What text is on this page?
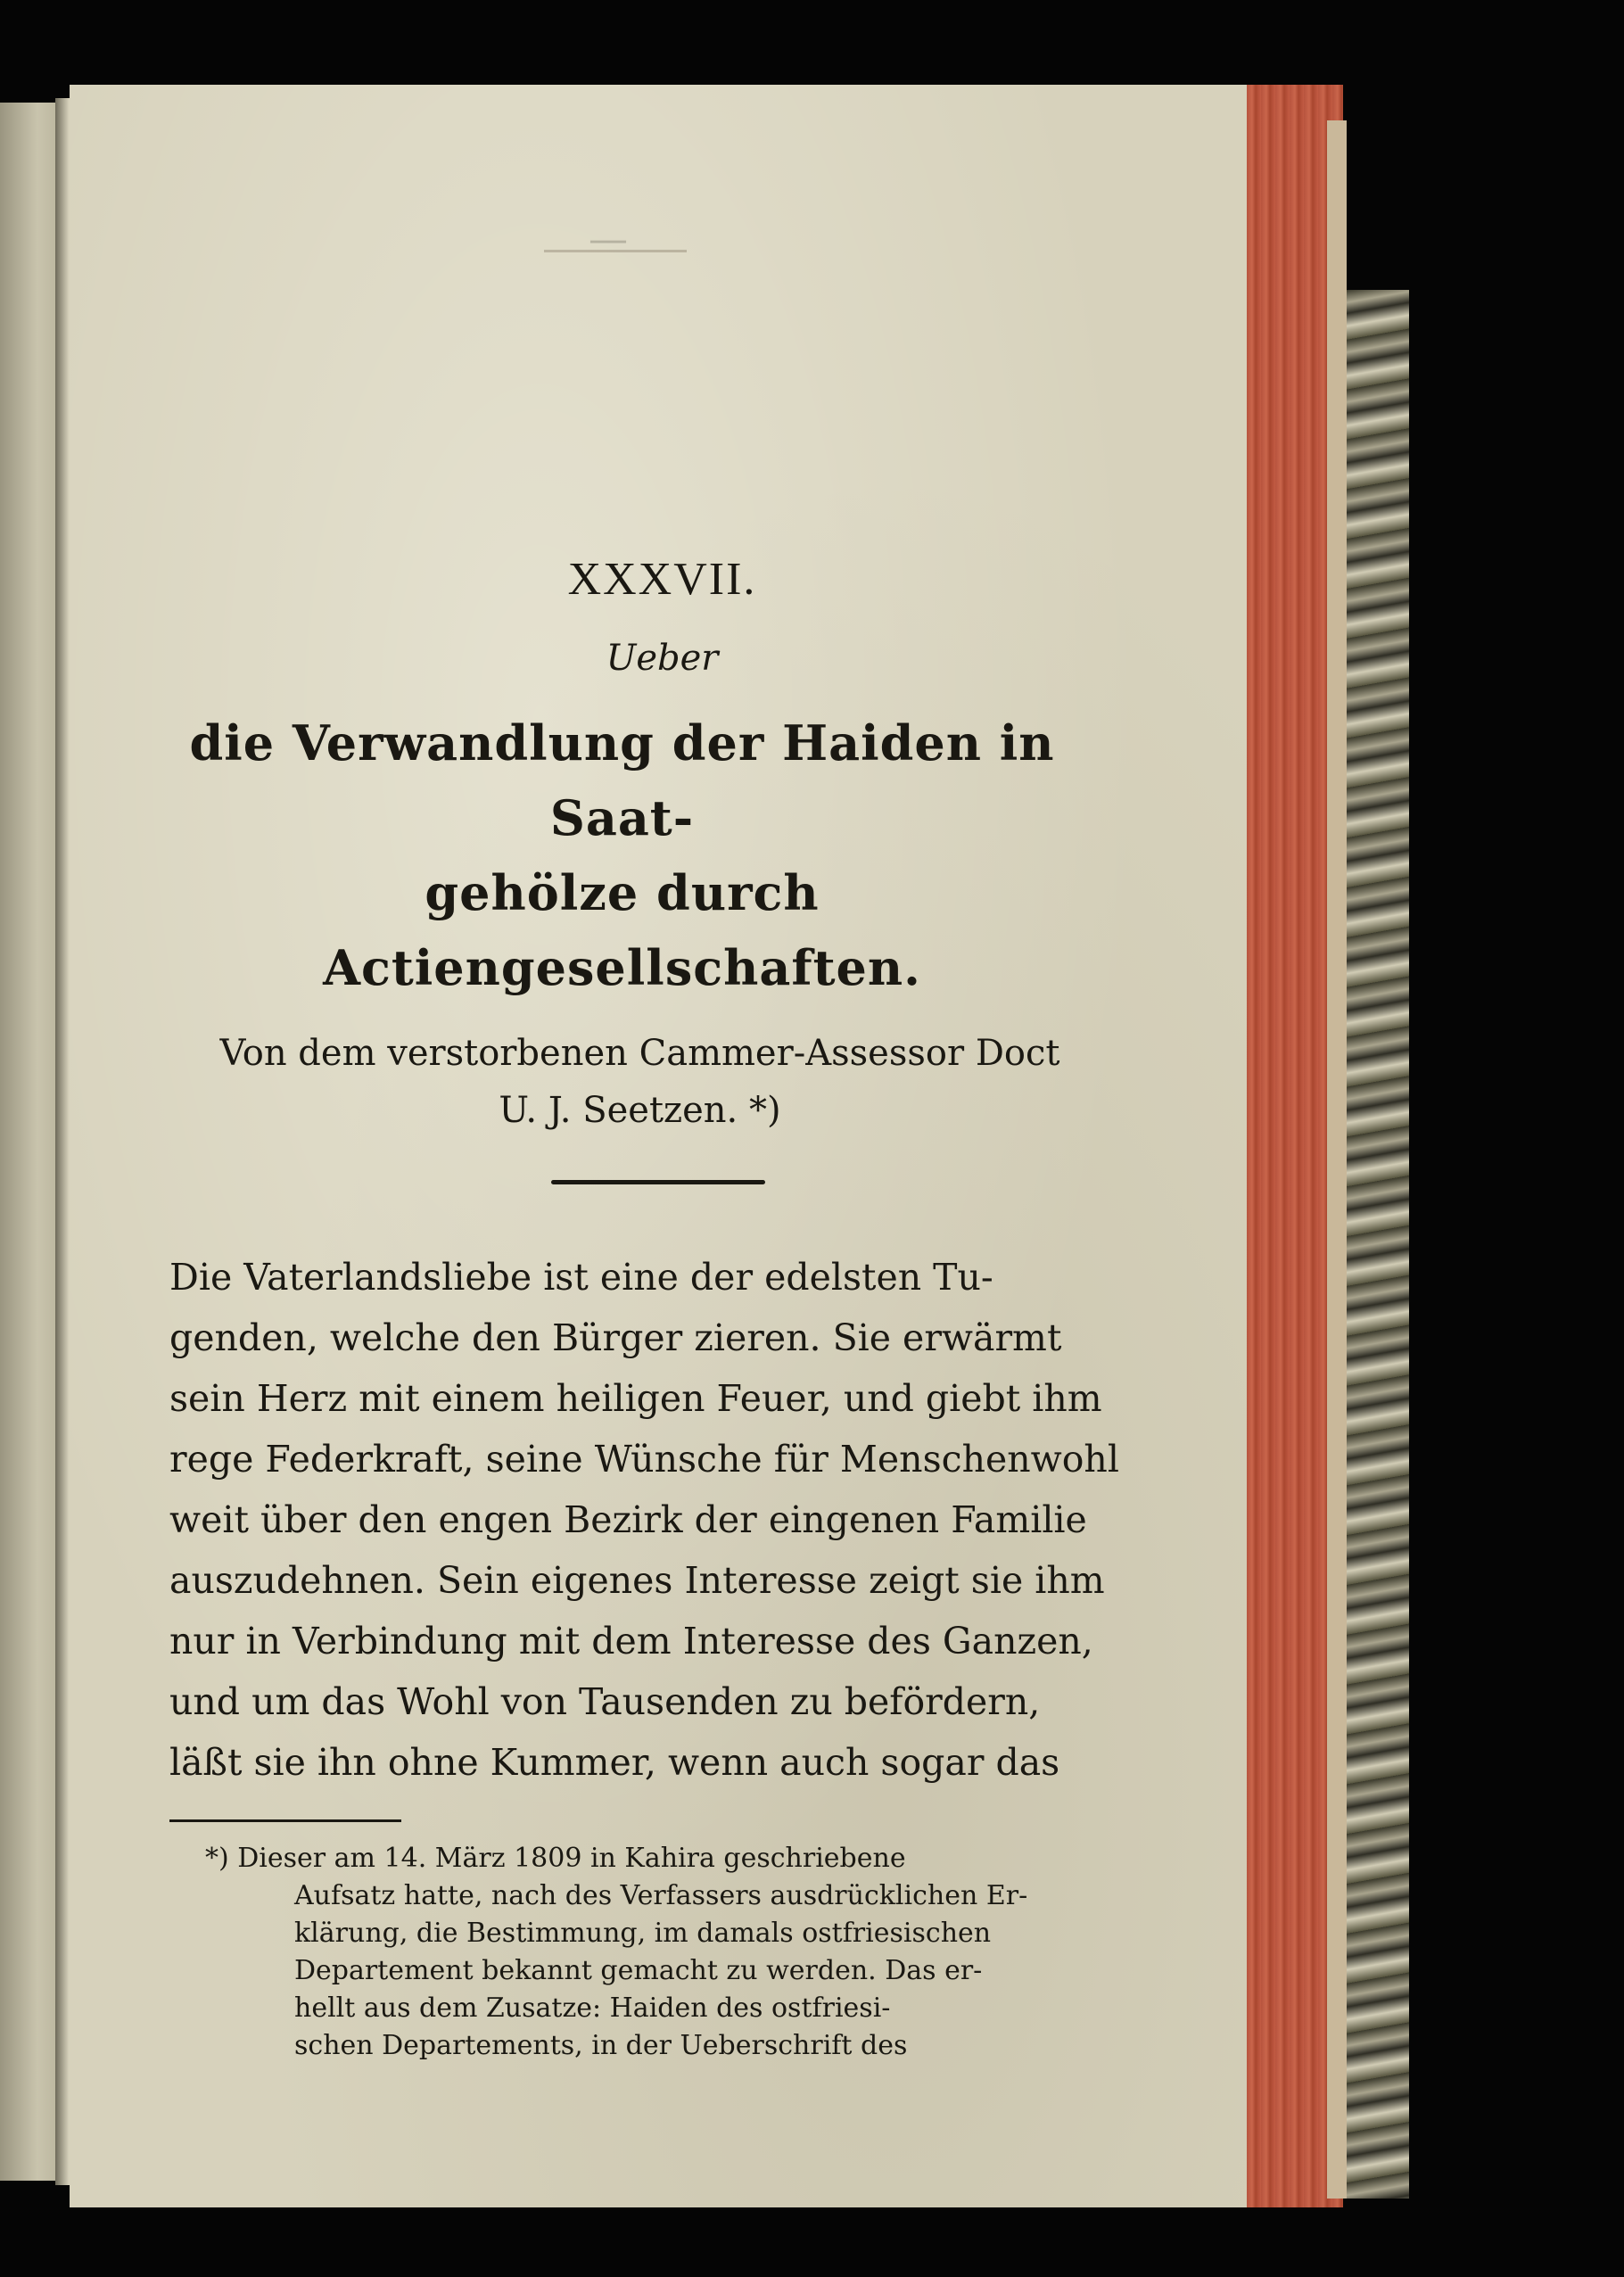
—
XXXVII.
Ueber
die Verwandlung der Haiden in Saat-
gehölze durch Actiengesellschaften.
Von dem verstorbenen Cammer-Assessor Doct
U. J. Seetzen. *)
Die Vaterlandsliebe ist eine der edelsten Tu-
genden, welche den Bürger zieren. Sie erwärmt
sein Herz mit einem heiligen Feuer, und giebt ihm
rege Federkraft, seine Wünsche für Menschenwohl
weit über den engen Bezirk der eingenen Familie
auszudehnen. Sein eigenes Interesse zeigt sie ihm
nur in Verbindung mit dem Interesse des Ganzen,
und um das Wohl von Tausenden zu befördern,
läßt sie ihn ohne Kummer, wenn auch sogar das
*) Dieser am 14. März 1809 in Kahira geschriebene
Aufsatz hatte, nach des Verfassers ausdrücklichen Er-
klärung, die Bestimmung, im damals ostfriesischen
Departement bekannt gemacht zu werden. Das er-
hellt aus dem Zusatze: Haiden des ostfriesi-
schen Departements, in der Ueberschrift des
